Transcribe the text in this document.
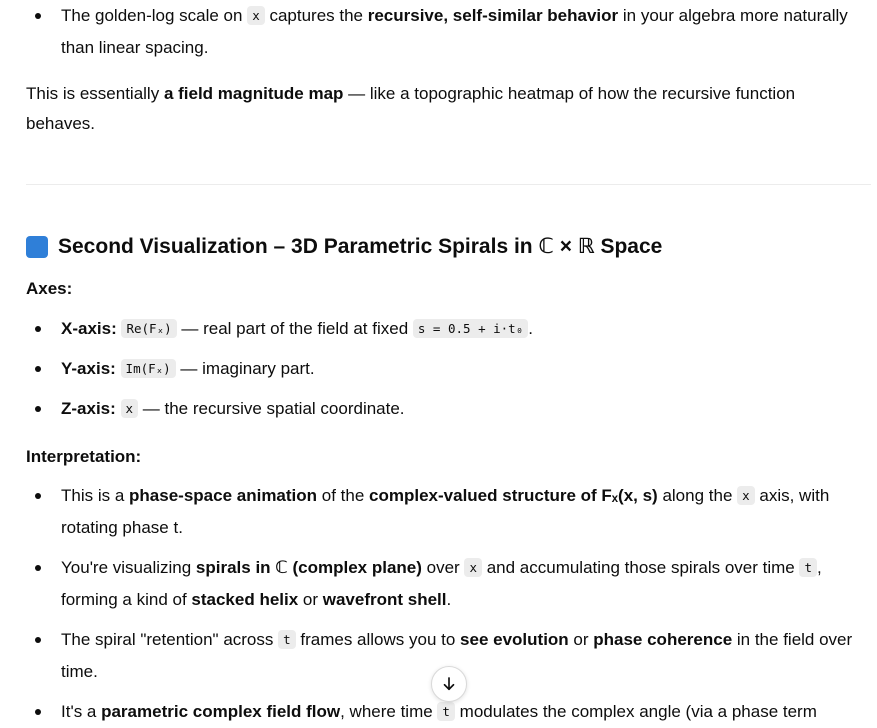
The golden-log scale on x captures the recursive, self-similar behavior in your algebra more naturally than linear spacing.

This is essentially a field magnitude map — like a topographic heatmap of how the recursive function behaves.

Second Visualization – 3D Parametric Spirals in ℂ × ℝ Space

Axes:

X-axis: Re(Fₓ) — real part of the field at fixed s = 0.5 + i·t₀ .
Y-axis: Im(Fₓ) — imaginary part.
Z-axis: x — the recursive spatial coordinate.

Interpretation:

This is a phase-space animation of the complex-valued structure of Fₓ(x, s) along the x axis, with rotating phase t.
You're visualizing spirals in ℂ (complex plane) over x and accumulating those spirals over time t , forming a kind of stacked helix or wavefront shell.
The spiral "retention" across t frames allows you to see evolution or phase coherence in the field over time.
It's a parametric complex field flow, where time t modulates the complex angle (via a phase term
